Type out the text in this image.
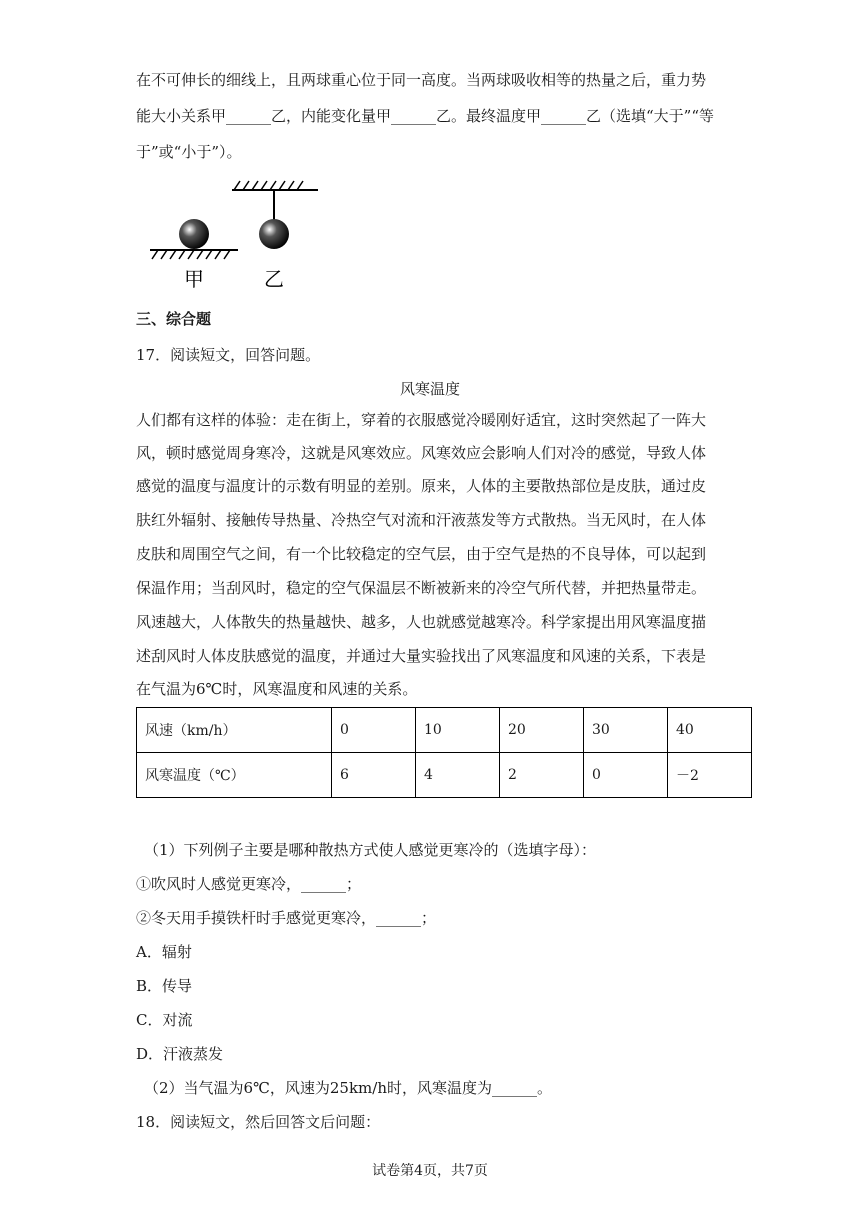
在不可伸长的细线上，且两球重心位于同一高度。当两球吸收相等的热量之后，重力势
能大小关系甲______乙，内能变化量甲______乙。最终温度甲______乙（选填“大于”“等
于”或“小于”）。
甲	乙
三、综合题
17．阅读短文，回答问题。
风寒温度
人们都有这样的体验：走在街上，穿着的衣服感觉冷暖刚好适宜，这时突然起了一阵大
风，顿时感觉周身寒冷，这就是风寒效应。风寒效应会影响人们对冷的感觉，导致人体
感觉的温度与温度计的示数有明显的差别。原来，人体的主要散热部位是皮肤，通过皮
肤红外辐射、接触传导热量、冷热空气对流和汗液蒸发等方式散热。当无风时，在人体
皮肤和周围空气之间，有一个比较稳定的空气层，由于空气是热的不良导体，可以起到
保温作用；当刮风时，稳定的空气保温层不断被新来的冷空气所代替，并把热量带走。
风速越大，人体散失的热量越快、越多，人也就感觉越寒冷。科学家提出用风寒温度描
述刮风时人体皮肤感觉的温度，并通过大量实验找出了风寒温度和风速的关系，下表是
在气温为6℃时，风寒温度和风速的关系。
风速（km/h）	0	10	20	30	40
风寒温度（℃）	6	4	2	0	－2
（1）下列例子主要是哪种散热方式使人感觉更寒冷的（选填字母）：
①吹风时人感觉更寒冷，______；
②冬天用手摸铁杆时手感觉更寒冷，______；
A．辐射
B．传导
C．对流
D．汗液蒸发
（2）当气温为6℃，风速为25km/h时，风寒温度为______。
18．阅读短文，然后回答文后问题：
试卷第4页，共7页
